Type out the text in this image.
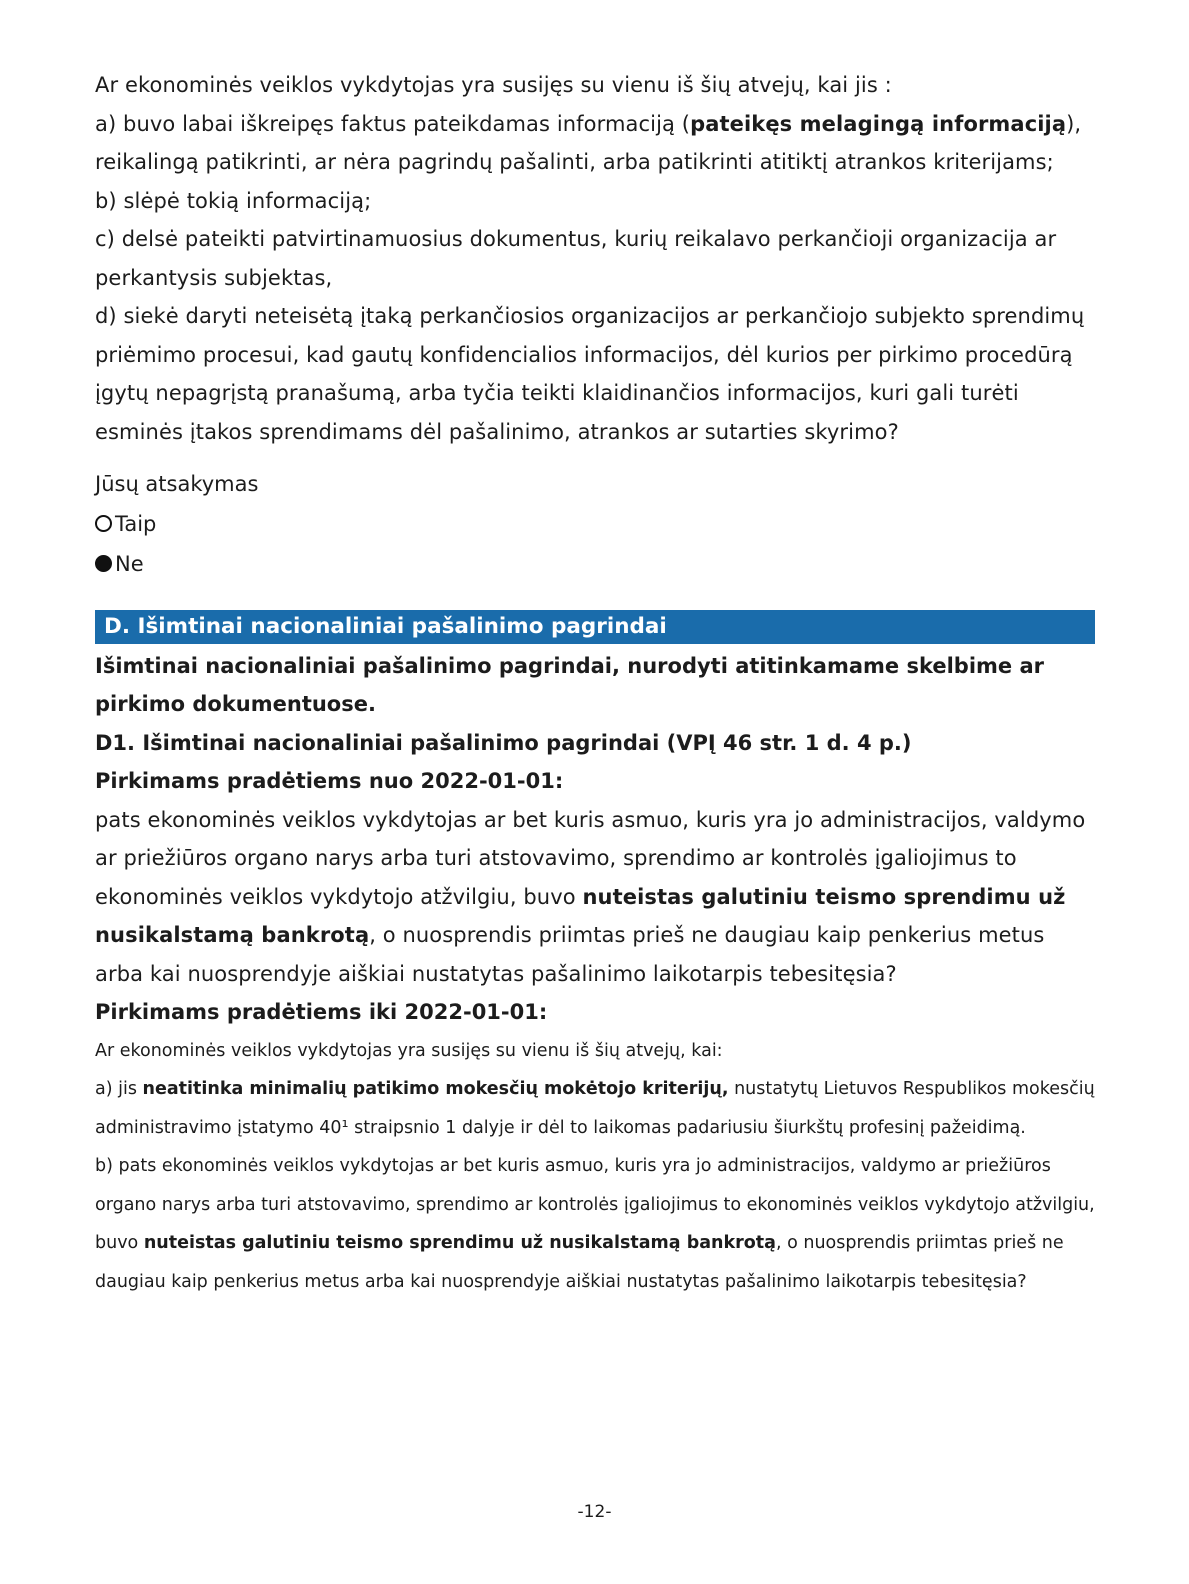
Ar ekonominės veiklos vykdytojas yra susijęs su vienu iš šių atvejų, kai jis :

a) buvo labai iškreipęs faktus pateikdamas informaciją (pateikęs melagingą informaciją), reikalingą patikrinti, ar nėra pagrindų pašalinti, arba patikrinti atitiktį atrankos kriterijams;

b) slėpė tokią informaciją;

c) delsė pateikti patvirtinamuosius dokumentus, kurių reikalavo perkančioji organizacija ar perkantysis subjektas,

d) siekė daryti neteisėtą įtaką perkančiosios organizacijos ar perkančiojo subjekto sprendimų priėmimo procesui, kad gautų konfidencialios informacijos, dėl kurios per pirkimo procedūrą įgytų nepagrįstą pranašumą, arba tyčia teikti klaidinančios informacijos, kuri gali turėti esminės įtakos sprendimams dėl pašalinimo, atrankos ar sutarties skyrimo?

Jūsų atsakymas

Taip
Ne
D. Išimtinai nacionaliniai pašalinimo pagrindai

Išimtinai nacionaliniai pašalinimo pagrindai, nurodyti atitinkamame skelbime ar pirkimo dokumentuose.

D1. Išimtinai nacionaliniai pašalinimo pagrindai (VPĮ 46 str. 1 d. 4 p.)

Pirkimams pradėtiems nuo 2022-01-01:

pats ekonominės veiklos vykdytojas ar bet kuris asmuo, kuris yra jo administracijos, valdymo ar priežiūros organo narys arba turi atstovavimo, sprendimo ar kontrolės įgaliojimus to ekonominės veiklos vykdytojo atžvilgiu, buvo nuteistas galutiniu teismo sprendimu už nusikalstamą bankrotą, o nuosprendis priimtas prieš ne daugiau kaip penkerius metus arba kai nuosprendyje aiškiai nustatytas pašalinimo laikotarpis tebesitęsia?

Pirkimams pradėtiems iki 2022-01-01:

Ar ekonominės veiklos vykdytojas yra susijęs su vienu iš šių atvejų, kai:

a) jis neatitinka minimalių patikimo mokesčių mokėtojo kriterijų, nustatytų Lietuvos Respublikos mokesčių administravimo įstatymo 40¹ straipsnio 1 dalyje ir dėl to laikomas padariusiu šiurkštų profesinį pažeidimą.

b) pats ekonominės veiklos vykdytojas ar bet kuris asmuo, kuris yra jo administracijos, valdymo ar priežiūros organo narys arba turi atstovavimo, sprendimo ar kontrolės įgaliojimus to ekonominės veiklos vykdytojo atžvilgiu, buvo nuteistas galutiniu teismo sprendimu už nusikalstamą bankrotą, o nuosprendis priimtas prieš ne daugiau kaip penkerius metus arba kai nuosprendyje aiškiai nustatytas pašalinimo laikotarpis tebesitęsia?

-12-
